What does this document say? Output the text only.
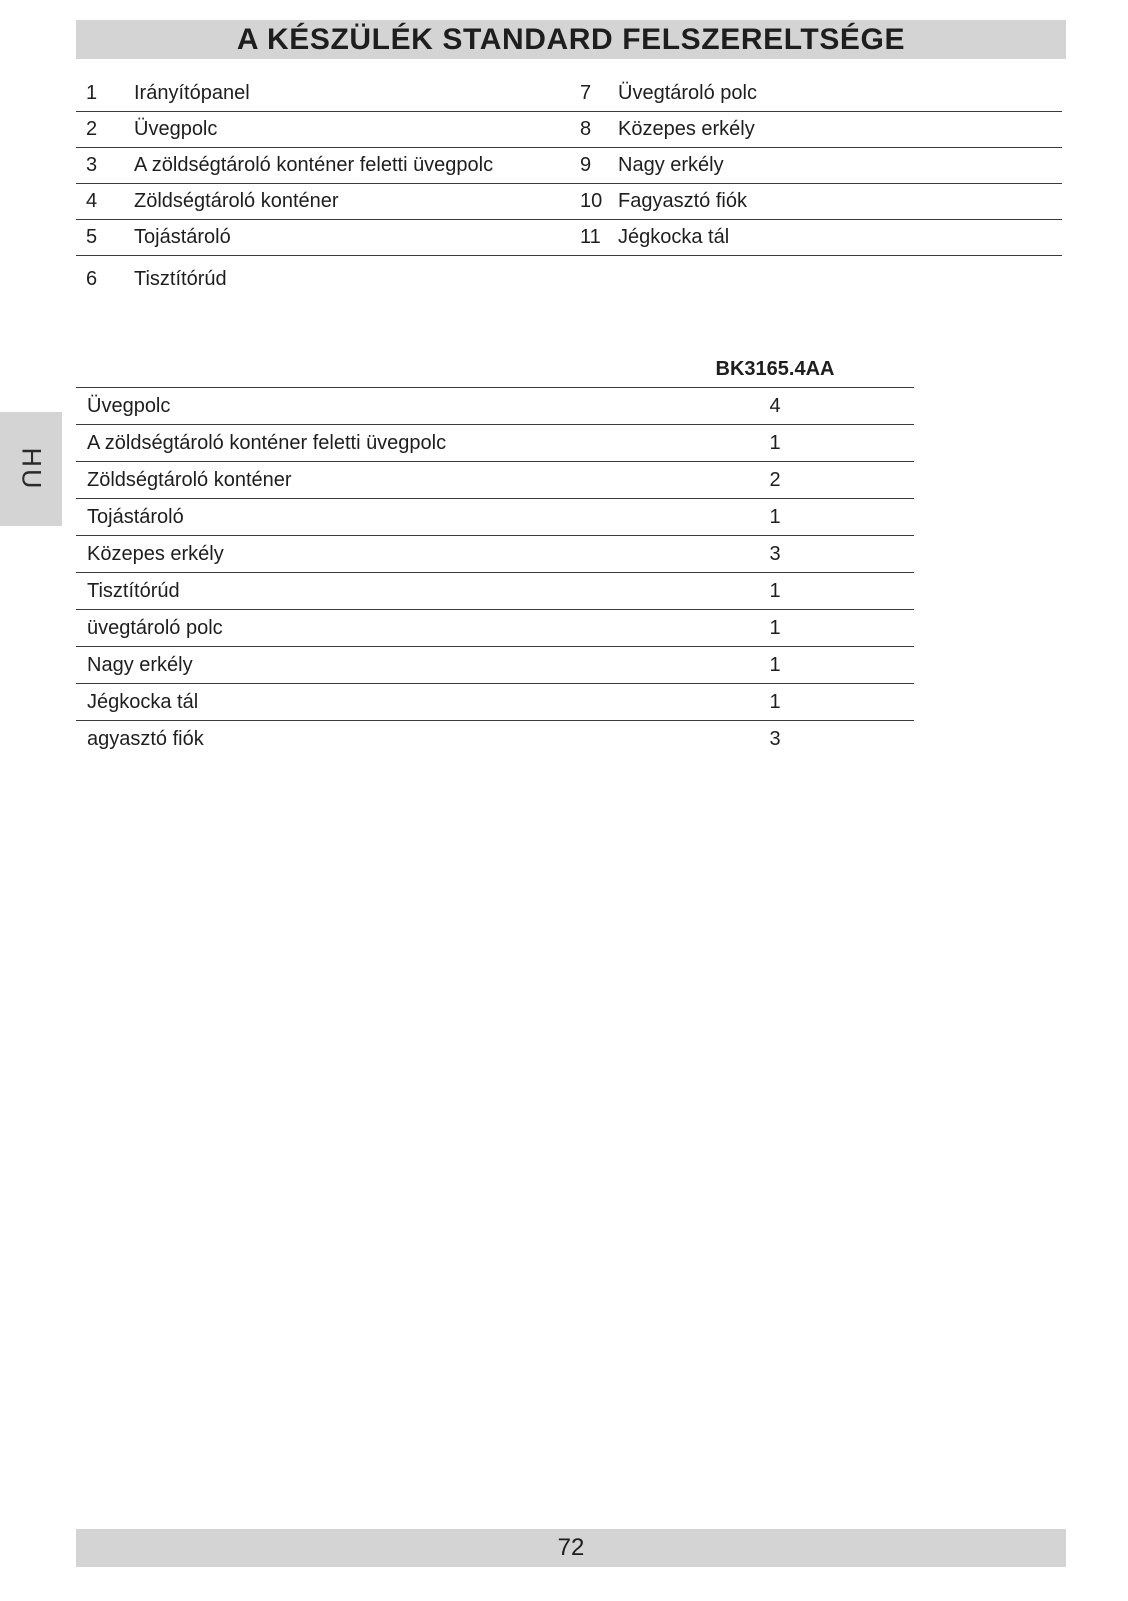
A KÉSZÜLÉK STANDARD FELSZERELTSÉGE
HU
1	Irányítópanel	7	Üvegtároló polc
2	Üvegpolc	8	Közepes erkély
3	A zöldségtároló konténer feletti üvegpolc	9	Nagy erkély
4	Zöldségtároló konténer	10 Fagyasztó fiók
5	Tojástároló	11 Jégkocka tál
6	Tisztítórúd
BK3165.4AA
Üvegpolc	4
A zöldségtároló konténer feletti üvegpolc	1
Zöldségtároló konténer	2
Tojástároló	1
Közepes erkély	3
Tisztítórúd	1
üvegtároló polc	1
Nagy erkély	1
Jégkocka tál	1
agyasztó fiók	3
72
